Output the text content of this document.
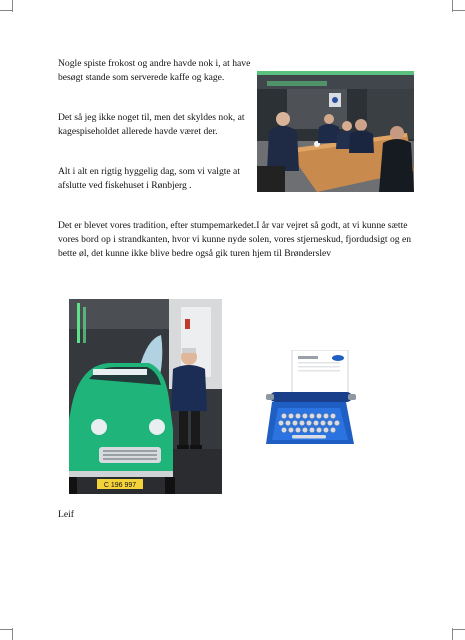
Nogle spiste frokost og andre havde nok i, at have besøgt stande som serverede kaffe og kage.

Det så jeg ikke noget til, men det skyldes nok, at kagespiseholdet allerede havde været der.

Alt i alt en rigtig hyggelig dag, som vi valgte at afslutte ved fiskehuset i Rønbjerg .

Det er blevet vores tradition, efter stumpemarkedet.I år var vejret så godt, at vi kunne sætte vores bord op i strandkanten, hvor vi kunne nyde solen, vores stjerneskud, fjordudsigt og en bette øl, det kunne ikke blive bedre også gik turen hjem til Brønderslev

C 196 997

Leif
